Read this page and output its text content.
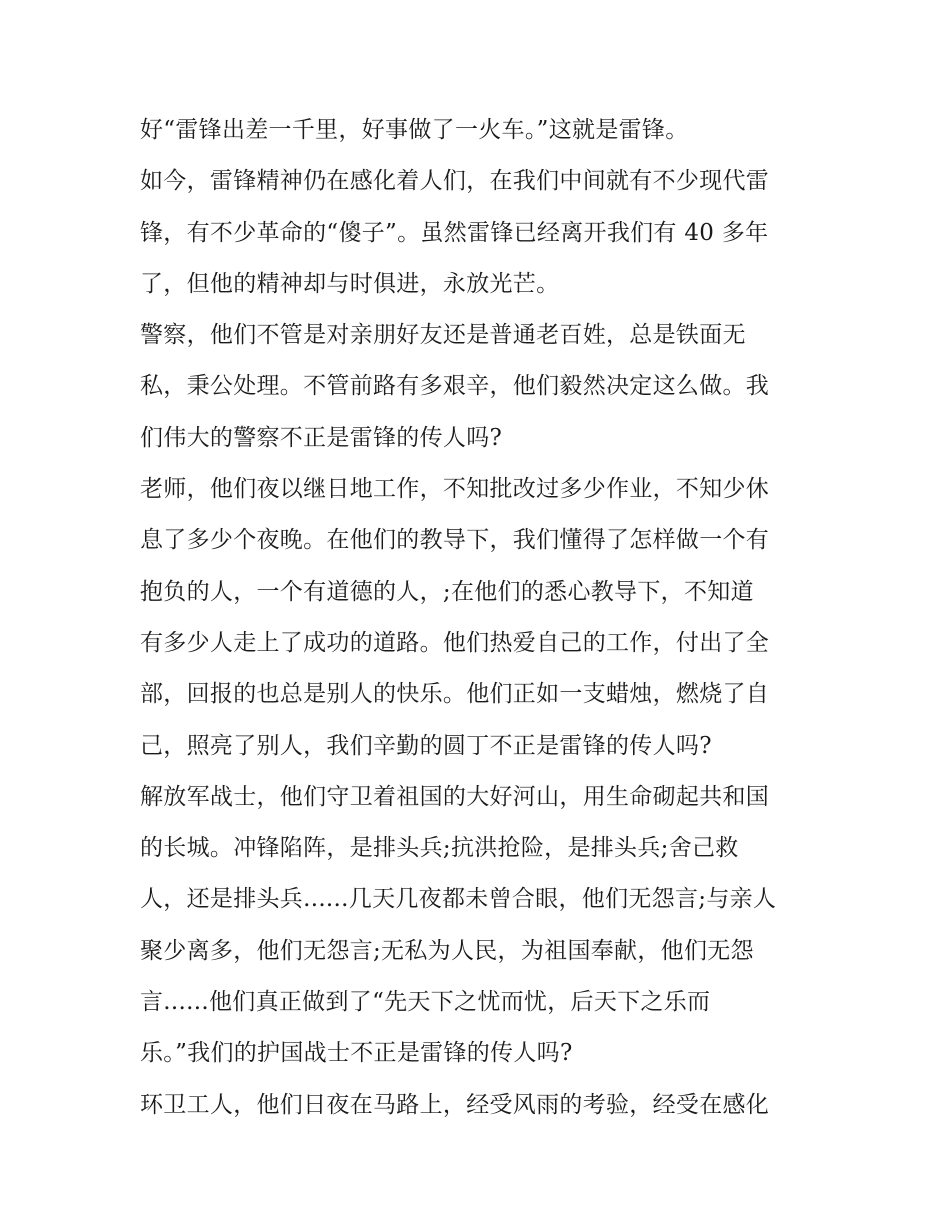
好“雷锋出差一千里，好事做了一火车。”这就是雷锋。
如今，雷锋精神仍在感化着人们，在我们中间就有不少现代雷
锋，有不少革命的“傻子”。虽然雷锋已经离开我们有 40 多年
了，但他的精神却与时俱进，永放光芒。
警察，他们不管是对亲朋好友还是普通老百姓，总是铁面无
私，秉公处理。不管前路有多艰辛，他们毅然决定这么做。我
们伟大的警察不正是雷锋的传人吗?
老师，他们夜以继日地工作，不知批改过多少作业，不知少休
息了多少个夜晚。在他们的教导下，我们懂得了怎样做一个有
抱负的人，一个有道德的人，;在他们的悉心教导下，不知道
有多少人走上了成功的道路。他们热爱自己的工作，付出了全
部，回报的也总是别人的快乐。他们正如一支蜡烛，燃烧了自
己，照亮了别人，我们辛勤的圆丁不正是雷锋的传人吗?
解放军战士，他们守卫着祖国的大好河山，用生命砌起共和国
的长城。冲锋陷阵，是排头兵;抗洪抢险，是排头兵;舍己救
人，还是排头兵......几天几夜都未曾合眼，他们无怨言;与亲人
聚少离多，他们无怨言;无私为人民，为祖国奉献，他们无怨
言......他们真正做到了“先天下之忧而忧，后天下之乐而
乐。”我们的护国战士不正是雷锋的传人吗?
环卫工人，他们日夜在马路上，经受风雨的考验，经受在感化
